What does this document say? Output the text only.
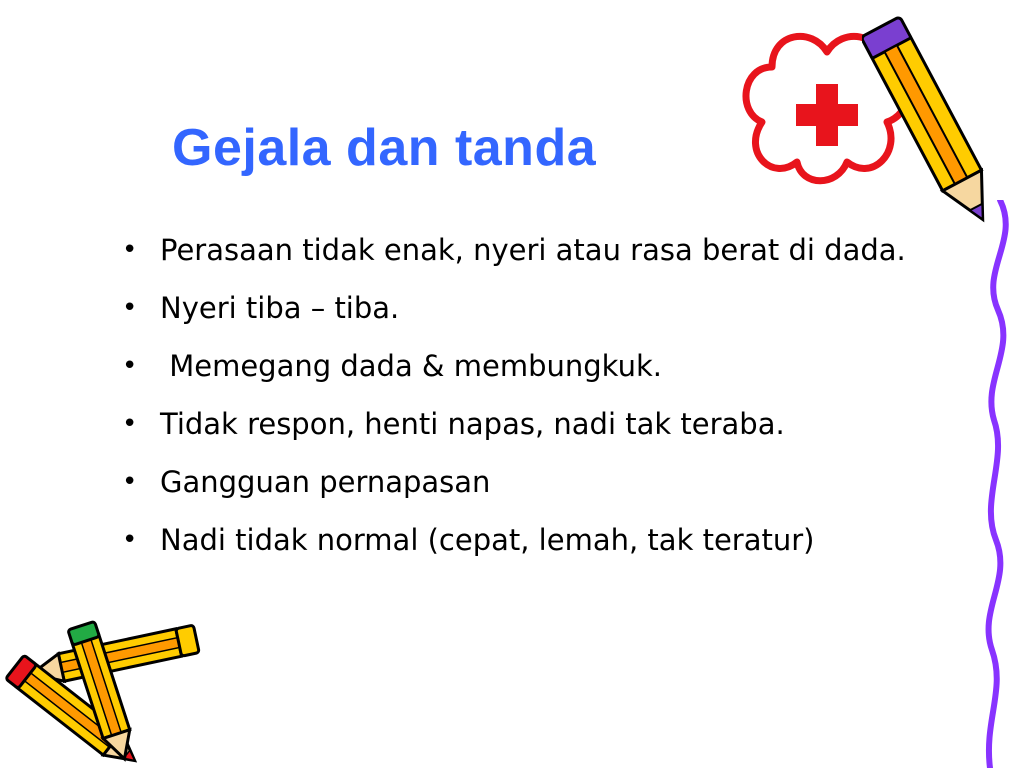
Gejala dan tanda
• Perasaan tidak enak, nyeri atau rasa berat di dada.
• Nyeri tiba – tiba.
• Memegang dada & membungkuk.
• Tidak respon, henti napas, nadi tak teraba.
• Gangguan pernapasan
• Nadi tidak normal (cepat, lemah, tak teratur)
